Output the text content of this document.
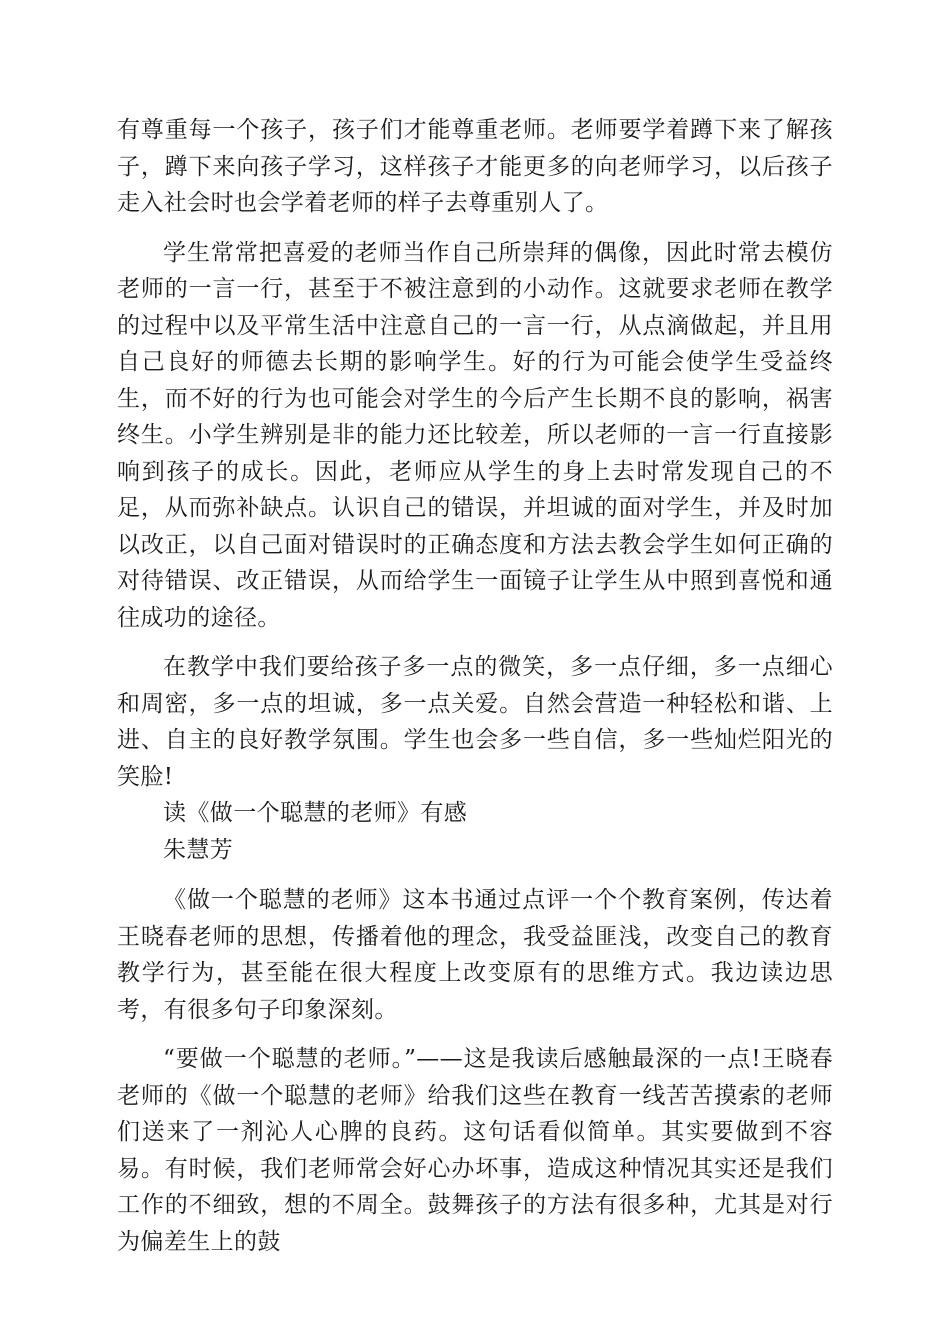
有尊重每一个孩子，孩子们才能尊重老师。老师要学着蹲下来了解孩子，蹲下来向孩子学习，这样孩子才能更多的向老师学习，以后孩子走入社会时也会学着老师的样子去尊重别人了。

学生常常把喜爱的老师当作自己所崇拜的偶像，因此时常去模仿老师的一言一行，甚至于不被注意到的小动作。这就要求老师在教学的过程中以及平常生活中注意自己的一言一行，从点滴做起，并且用自己良好的师德去长期的影响学生。好的行为可能会使学生受益终生，而不好的行为也可能会对学生的今后产生长期不良的影响，祸害终生。小学生辨别是非的能力还比较差，所以老师的一言一行直接影响到孩子的成长。因此，老师应从学生的身上去时常发现自己的不足，从而弥补缺点。认识自己的错误，并坦诚的面对学生，并及时加以改正，以自己面对错误时的正确态度和方法去教会学生如何正确的对待错误、改正错误，从而给学生一面镜子让学生从中照到喜悦和通往成功的途径。

在教学中我们要给孩子多一点的微笑，多一点仔细，多一点细心和周密，多一点的坦诚，多一点关爱。自然会营造一种轻松和谐、上进、自主的良好教学氛围。学生也会多一些自信，多一些灿烂阳光的笑脸!

读《做一个聪慧的老师》有感

朱慧芳

《做一个聪慧的老师》这本书通过点评一个个教育案例，传达着王晓春老师的思想，传播着他的理念，我受益匪浅，改变自己的教育教学行为，甚至能在很大程度上改变原有的思维方式。我边读边思考，有很多句子印象深刻。

“要做一个聪慧的老师。”——这是我读后感触最深的一点!王晓春老师的《做一个聪慧的老师》给我们这些在教育一线苦苦摸索的老师们送来了一剂沁人心脾的良药。这句话看似简单。其实要做到不容易。有时候，我们老师常会好心办坏事，造成这种情况其实还是我们工作的不细致，想的不周全。鼓舞孩子的方法有很多种，尤其是对行为偏差生上的鼓
